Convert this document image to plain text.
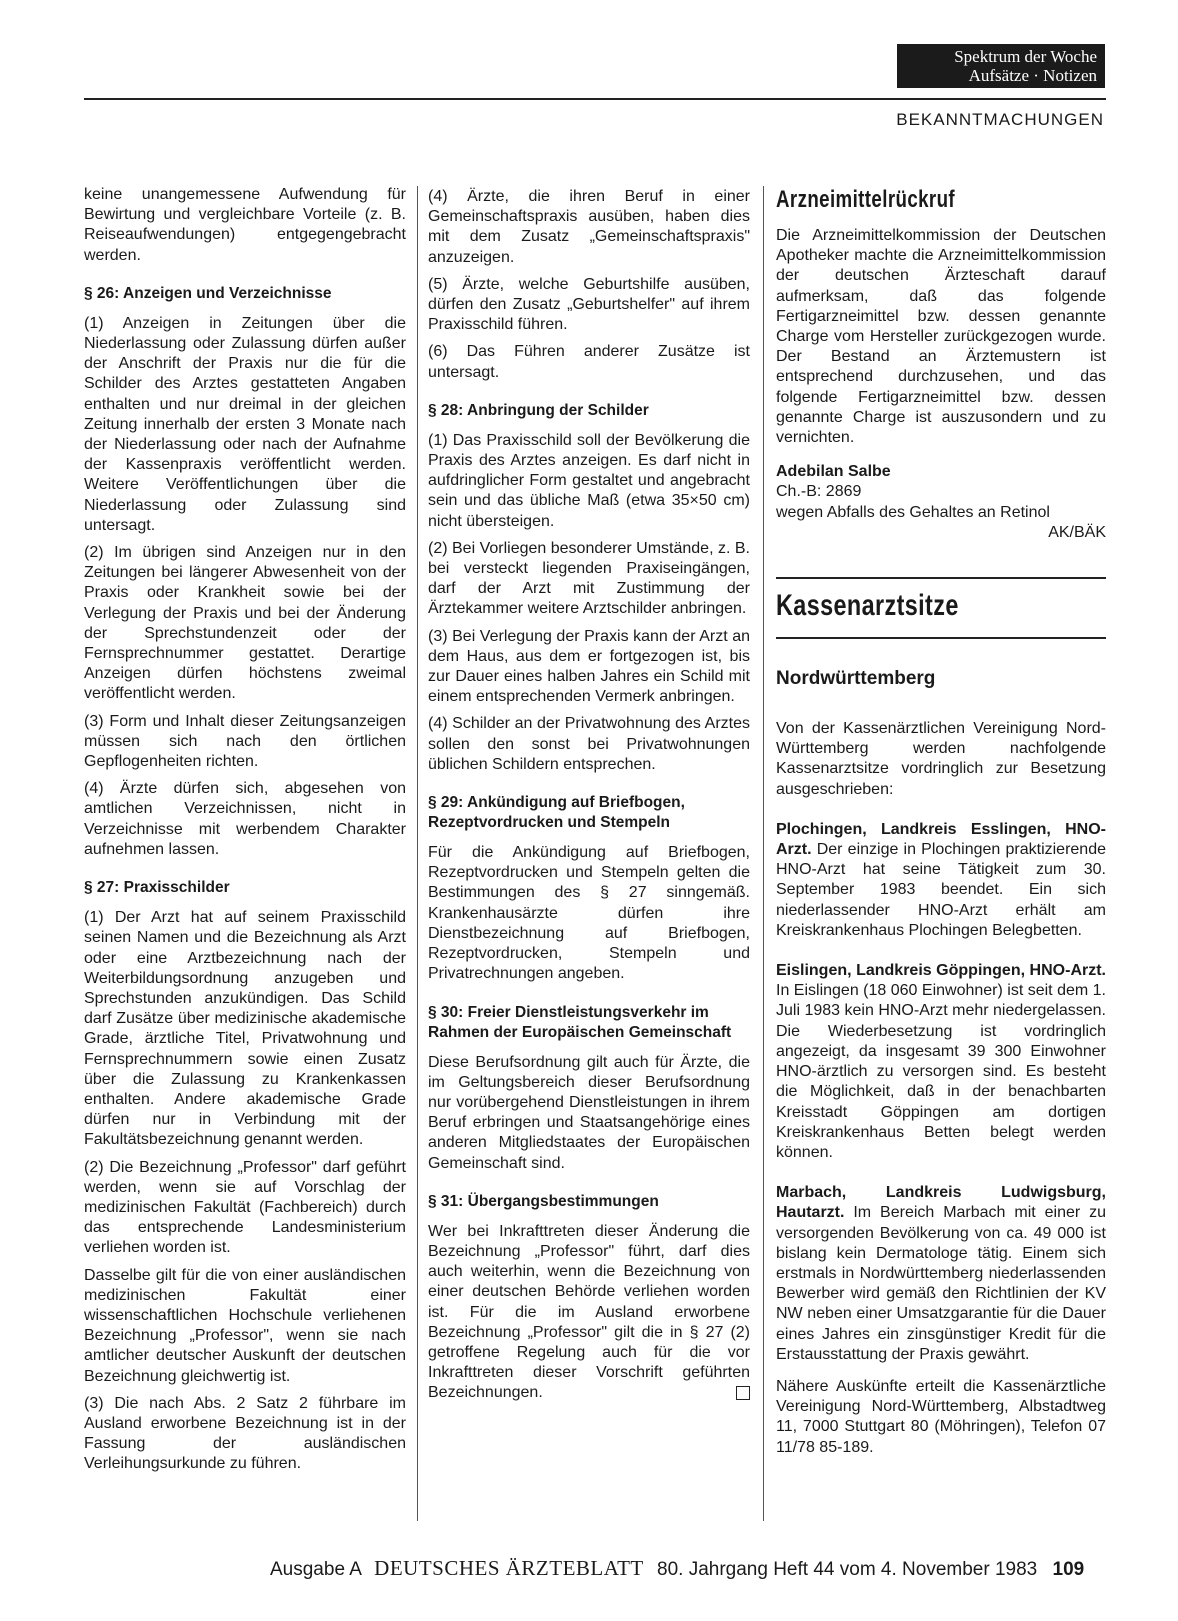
Spektrum der Woche
Aufsätze · Notizen
BEKANNTMACHUNGEN

keine unangemessene Aufwendung für Bewirtung und vergleichbare Vorteile (z. B. Reiseaufwendungen) entgegengebracht werden.

§ 26: Anzeigen und Verzeichnisse

(1) Anzeigen in Zeitungen über die Niederlassung oder Zulassung dürfen außer der Anschrift der Praxis nur die für die Schilder des Arztes gestatteten Angaben enthalten und nur dreimal in der gleichen Zeitung innerhalb der ersten 3 Monate nach der Niederlassung oder nach der Aufnahme der Kassenpraxis veröffentlicht werden. Weitere Veröffentlichungen über die Niederlassung oder Zulassung sind untersagt.

(2) Im übrigen sind Anzeigen nur in den Zeitungen bei längerer Abwesenheit von der Praxis oder Krankheit sowie bei der Verlegung der Praxis und bei der Änderung der Sprechstundenzeit oder der Fernsprechnummer gestattet. Derartige Anzeigen dürfen höchstens zweimal veröffentlicht werden.

(3) Form und Inhalt dieser Zeitungsanzeigen müssen sich nach den örtlichen Gepflogenheiten richten.

(4) Ärzte dürfen sich, abgesehen von amtlichen Verzeichnissen, nicht in Verzeichnisse mit werbendem Charakter aufnehmen lassen.

§ 27: Praxisschilder

(1) Der Arzt hat auf seinem Praxisschild seinen Namen und die Bezeichnung als Arzt oder eine Arztbezeichnung nach der Weiterbildungsordnung anzugeben und Sprechstunden anzukündigen. Das Schild darf Zusätze über medizinische akademische Grade, ärztliche Titel, Privatwohnung und Fernsprechnummern sowie einen Zusatz über die Zulassung zu Krankenkassen enthalten. Andere akademische Grade dürfen nur in Verbindung mit der Fakultätsbezeichnung genannt werden.

(2) Die Bezeichnung „Professor" darf geführt werden, wenn sie auf Vorschlag der medizinischen Fakultät (Fachbereich) durch das entsprechende Landesministerium verliehen worden ist.

Dasselbe gilt für die von einer ausländischen medizinischen Fakultät einer wissenschaftlichen Hochschule verliehenen Bezeichnung „Professor", wenn sie nach amtlicher deutscher Auskunft der deutschen Bezeichnung gleichwertig ist.

(3) Die nach Abs. 2 Satz 2 führbare im Ausland erworbene Bezeichnung ist in der Fassung der ausländischen Verleihungsurkunde zu führen.

(4) Ärzte, die ihren Beruf in einer Gemeinschaftspraxis ausüben, haben dies mit dem Zusatz „Gemeinschaftspraxis" anzuzeigen.

(5) Ärzte, welche Geburtshilfe ausüben, dürfen den Zusatz „Geburtshelfer" auf ihrem Praxisschild führen.

(6) Das Führen anderer Zusätze ist untersagt.

§ 28: Anbringung der Schilder

(1) Das Praxisschild soll der Bevölkerung die Praxis des Arztes anzeigen. Es darf nicht in aufdringlicher Form gestaltet und angebracht sein und das übliche Maß (etwa 35×50 cm) nicht übersteigen.

(2) Bei Vorliegen besonderer Umstände, z. B. bei versteckt liegenden Praxiseingängen, darf der Arzt mit Zustimmung der Ärztekammer weitere Arztschilder anbringen.

(3) Bei Verlegung der Praxis kann der Arzt an dem Haus, aus dem er fortgezogen ist, bis zur Dauer eines halben Jahres ein Schild mit einem entsprechenden Vermerk anbringen.

(4) Schilder an der Privatwohnung des Arztes sollen den sonst bei Privatwohnungen üblichen Schildern entsprechen.

§ 29: Ankündigung auf Briefbogen, Rezeptvordrucken und Stempeln

Für die Ankündigung auf Briefbogen, Rezeptvordrucken und Stempeln gelten die Bestimmungen des § 27 sinngemäß. Krankenhausärzte dürfen ihre Dienstbezeichnung auf Briefbogen, Rezeptvordrucken, Stempeln und Privatrechnungen angeben.

§ 30: Freier Dienstleistungsverkehr im Rahmen der Europäischen Gemeinschaft

Diese Berufsordnung gilt auch für Ärzte, die im Geltungsbereich dieser Berufsordnung nur vorübergehend Dienstleistungen in ihrem Beruf erbringen und Staatsangehörige eines anderen Mitgliedstaates der Europäischen Gemeinschaft sind.

§ 31: Übergangsbestimmungen

Wer bei Inkrafttreten dieser Änderung die Bezeichnung „Professor" führt, darf dies auch weiterhin, wenn die Bezeichnung von einer deutschen Behörde verliehen worden ist. Für die im Ausland erworbene Bezeichnung „Professor" gilt die in § 27 (2) getroffene Regelung auch für die vor Inkrafttreten dieser Vorschrift geführten Bezeichnungen.

Arzneimittelrückruf

Die Arzneimittelkommission der Deutschen Apotheker machte die Arzneimittelkommission der deutschen Ärzteschaft darauf aufmerksam, daß das folgende Fertigarzneimittel bzw. dessen genannte Charge vom Hersteller zurückgezogen wurde. Der Bestand an Ärztemustern ist entsprechend durchzusehen, und das folgende Fertigarzneimittel bzw. dessen genannte Charge ist auszusondern und zu vernichten.

Adebilan Salbe
Ch.-B: 2869
wegen Abfalls des Gehaltes an Retinol
AK/BÄK
Kassenarztsitze
Nordwürttemberg

Von der Kassenärztlichen Vereinigung Nord-Württemberg werden nachfolgende Kassenarztsitze vordringlich zur Besetzung ausgeschrieben:

Plochingen, Landkreis Esslingen, HNO-Arzt. Der einzige in Plochingen praktizierende HNO-Arzt hat seine Tätigkeit zum 30. September 1983 beendet. Ein sich niederlassender HNO-Arzt erhält am Kreiskrankenhaus Plochingen Belegbetten.

Eislingen, Landkreis Göppingen, HNO-Arzt. In Eislingen (18 060 Einwohner) ist seit dem 1. Juli 1983 kein HNO-Arzt mehr niedergelassen. Die Wiederbesetzung ist vordringlich angezeigt, da insgesamt 39 300 Einwohner HNO-ärztlich zu versorgen sind. Es besteht die Möglichkeit, daß in der benachbarten Kreisstadt Göppingen am dortigen Kreiskrankenhaus Betten belegt werden können.

Marbach, Landkreis Ludwigsburg, Hautarzt. Im Bereich Marbach mit einer zu versorgenden Bevölkerung von ca. 49 000 ist bislang kein Dermatologe tätig. Einem sich erstmals in Nordwürttemberg niederlassenden Bewerber wird gemäß den Richtlinien der KV NW neben einer Umsatzgarantie für die Dauer eines Jahres ein zinsgünstiger Kredit für die Erstausstattung der Praxis gewährt.

Nähere Auskünfte erteilt die Kassenärztliche Vereinigung Nord-Württemberg, Albstadtweg 11, 7000 Stuttgart 80 (Möhringen), Telefon 07 11/78 85-189.

Ausgabe A DEUTSCHES ÄRZTEBLATT 80. Jahrgang Heft 44 vom 4. November 1983 109
